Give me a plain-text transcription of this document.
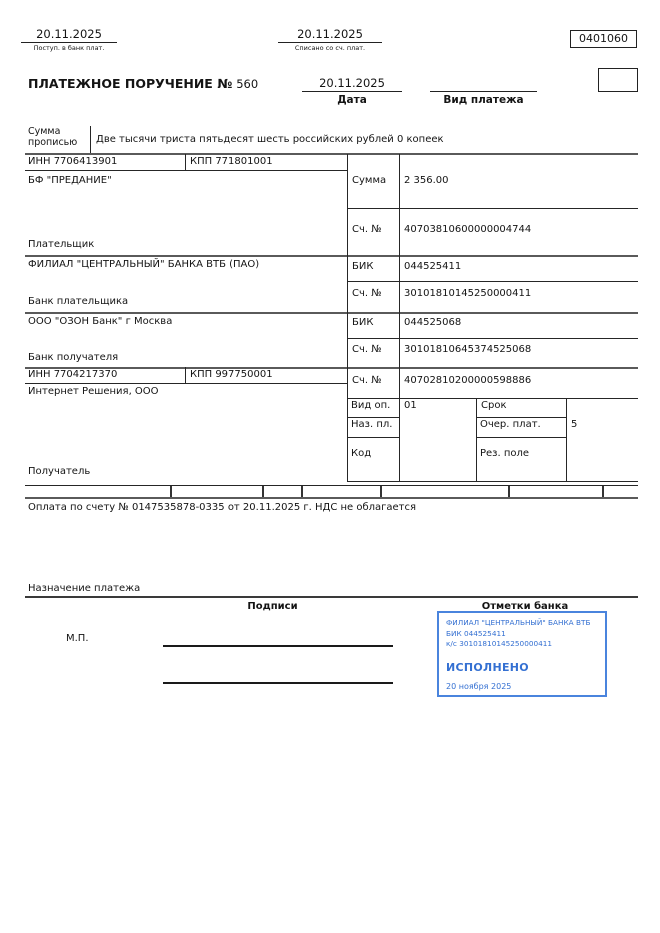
20.11.2025
Поступ. в банк плат.
20.11.2025
Списано со сч. плат.
0401060
ПЛАТЕЖНОЕ ПОРУЧЕНИЕ № 560	20.11.2025
Дата	Вид платежа
Сумма прописью	Две тысячи триста пятьдесят шесть российских рублей 0 копеек
ИНН 7706413901	КПП 771801001
БФ "ПРЕДАНИЕ"
Плательщик
Сумма 2 356.00
Сч. № 40703810600000004744
ФИЛИАЛ "ЦЕНТРАЛЬНЫЙ" БАНКА ВТБ (ПАО)
Банк плательщика
БИК	044525411
Сч. № 30101810145250000411
ООО "ОЗОН Банк" г Москва
Банк получателя
БИК	044525068
Сч. № 30101810645374525068
ИНН 7704217370	КПП 997750001
Интернет Решения, ООО
Получатель
Сч. № 40702810200000598886
Вид оп. 01	Срок
Наз. пл.	Очер. плат.	5
Код	Рез. поле
Оплата по счету № 0147535878-0335 от 20.11.2025 г. НДС не облагается
Назначение платежа
Подписи	Отметки банка
М.П.
ФИЛИАЛ "ЦЕНТРАЛЬНЫЙ" БАНКА ВТБ
БИК 044525411
к/с 30101810145250000411
ИСПОЛНЕНО
20 ноября 2025
